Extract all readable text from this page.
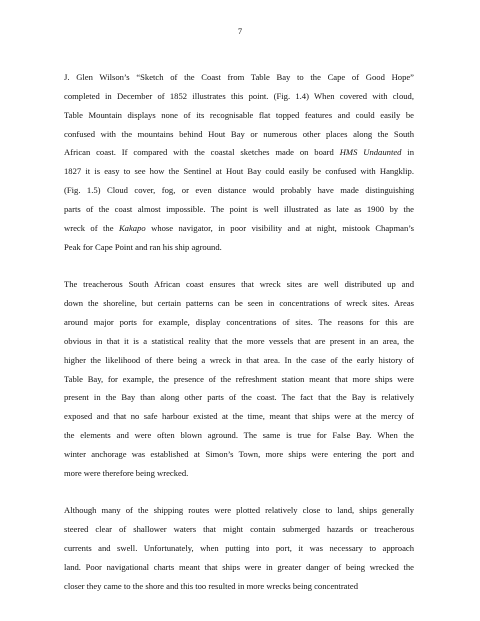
7
J. Glen Wilson’s “Sketch of the Coast from Table Bay to the Cape of Good Hope”
completed in December of 1852 illustrates this point. (Fig. 1.4) When covered with cloud,
Table Mountain displays none of its recognisable flat topped features and could easily be
confused with the mountains behind Hout Bay or numerous other places along the South
African coast. If compared with the coastal sketches made on board HMS Undaunted in
1827 it is easy to see how the Sentinel at Hout Bay could easily be confused with Hangklip.
(Fig. 1.5) Cloud cover, fog, or even distance would probably have made distinguishing
parts of the coast almost impossible. The point is well illustrated as late as 1900 by the
wreck of the Kakapo whose navigator, in poor visibility and at night, mistook Chapman’s
Peak for Cape Point and ran his ship aground.
The treacherous South African coast ensures that wreck sites are well distributed up and
down the shoreline, but certain patterns can be seen in concentrations of wreck sites. Areas
around major ports for example, display concentrations of sites. The reasons for this are
obvious in that it is a statistical reality that the more vessels that are present in an area, the
higher the likelihood of there being a wreck in that area. In the case of the early history of
Table Bay, for example, the presence of the refreshment station meant that more ships were
present in the Bay than along other parts of the coast. The fact that the Bay is relatively
exposed and that no safe harbour existed at the time, meant that ships were at the mercy of
the elements and were often blown aground. The same is true for False Bay. When the
winter anchorage was established at Simon’s Town, more ships were entering the port and
more were therefore being wrecked.
Although many of the shipping routes were plotted relatively close to land, ships generally
steered clear of shallower waters that might contain submerged hazards or treacherous
currents and swell. Unfortunately, when putting into port, it was necessary to approach
land. Poor navigational charts meant that ships were in greater danger of being wrecked the
closer they came to the shore and this too resulted in more wrecks being concentrated
